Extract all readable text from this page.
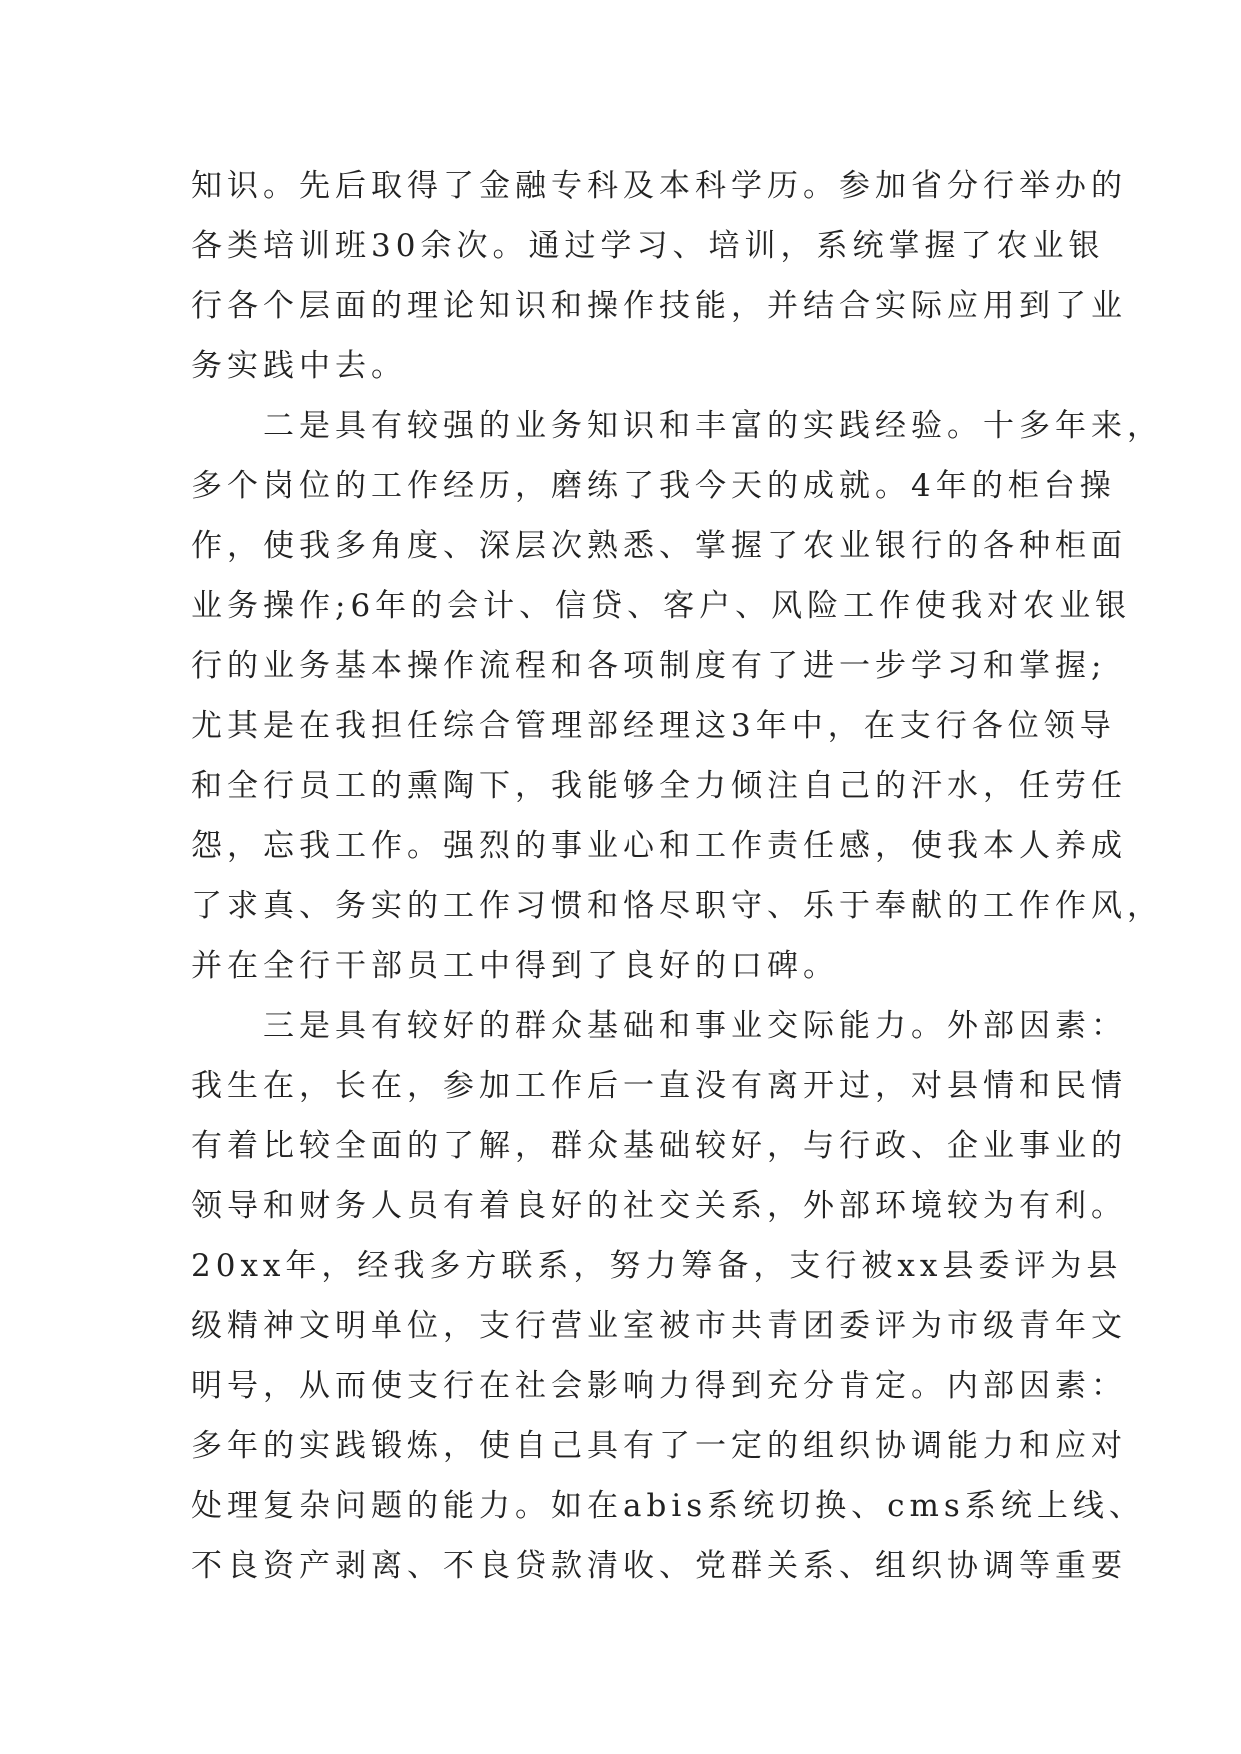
知识。先后取得了金融专科及本科学历。参加省分行举办的
各类培训班30余次。通过学习、培训，系统掌握了农业银
行各个层面的理论知识和操作技能，并结合实际应用到了业
务实践中去。
二是具有较强的业务知识和丰富的实践经验。十多年来，
多个岗位的工作经历，磨练了我今天的成就。4年的柜台操
作，使我多角度、深层次熟悉、掌握了农业银行的各种柜面
业务操作;6年的会计、信贷、客户、风险工作使我对农业银
行的业务基本操作流程和各项制度有了进一步学习和掌握;
尤其是在我担任综合管理部经理这3年中，在支行各位领导
和全行员工的熏陶下，我能够全力倾注自己的汗水，任劳任
怨，忘我工作。强烈的事业心和工作责任感，使我本人养成
了求真、务实的工作习惯和恪尽职守、乐于奉献的工作作风，
并在全行干部员工中得到了良好的口碑。
三是具有较好的群众基础和事业交际能力。外部因素：
我生在，长在，参加工作后一直没有离开过，对县情和民情
有着比较全面的了解，群众基础较好，与行政、企业事业的
领导和财务人员有着良好的社交关系，外部环境较为有利。
20xx年，经我多方联系，努力筹备，支行被xx县委评为县
级精神文明单位，支行营业室被市共青团委评为市级青年文
明号，从而使支行在社会影响力得到充分肯定。内部因素：
多年的实践锻炼，使自己具有了一定的组织协调能力和应对
处理复杂问题的能力。如在abis系统切换、cms系统上线、
不良资产剥离、不良贷款清收、党群关系、组织协调等重要
